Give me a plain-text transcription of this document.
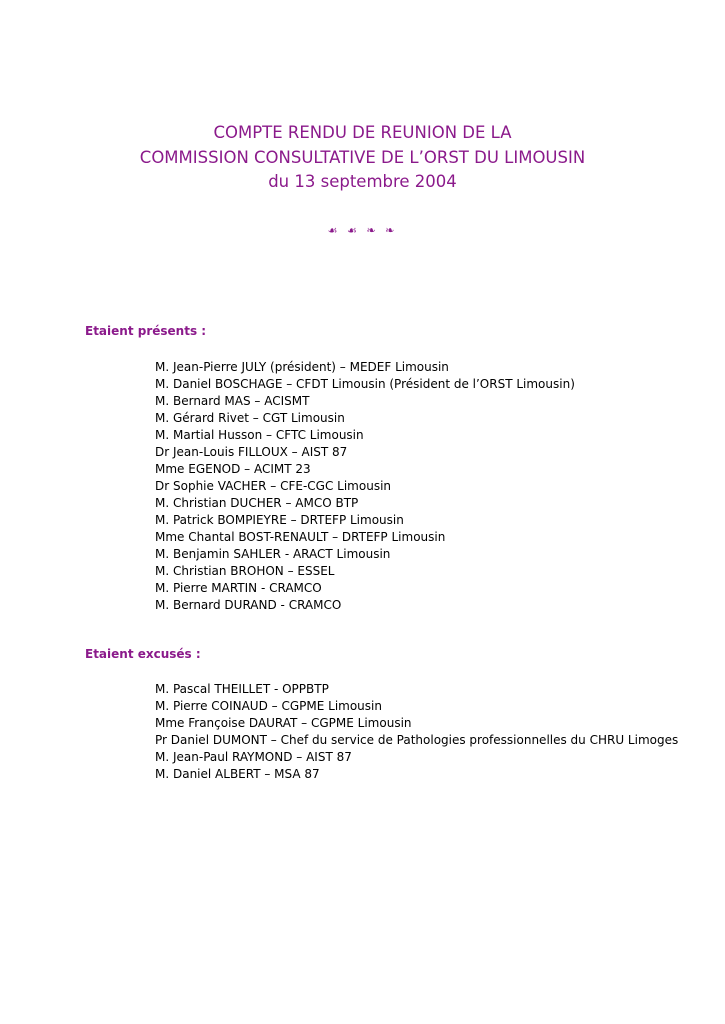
COMPTE RENDU DE REUNION DE LA
COMMISSION CONSULTATIVE DE L’ORST DU LIMOUSIN
du 13 septembre 2004
☙ ☙ ❧ ❧
Etaient présents :
M. Jean-Pierre JULY (président) – MEDEF Limousin
M. Daniel BOSCHAGE – CFDT Limousin (Président de l’ORST Limousin)
M. Bernard MAS – ACISMT
M. Gérard Rivet – CGT Limousin
M. Martial Husson – CFTC Limousin
Dr Jean-Louis FILLOUX – AIST 87
Mme EGENOD – ACIMT 23
Dr Sophie VACHER – CFE-CGC Limousin
M. Christian DUCHER – AMCO BTP
M. Patrick BOMPIEYRE – DRTEFP Limousin
Mme Chantal BOST-RENAULT – DRTEFP Limousin
M. Benjamin SAHLER - ARACT Limousin
M. Christian BROHON – ESSEL
M. Pierre MARTIN - CRAMCO
M. Bernard DURAND - CRAMCO
Etaient excusés :
M. Pascal THEILLET - OPPBTP
M. Pierre COINAUD – CGPME Limousin
Mme Françoise DAURAT – CGPME Limousin
Pr Daniel DUMONT – Chef du service de Pathologies professionnelles du CHRU Limoges
M. Jean-Paul RAYMOND – AIST 87
M. Daniel ALBERT – MSA 87
